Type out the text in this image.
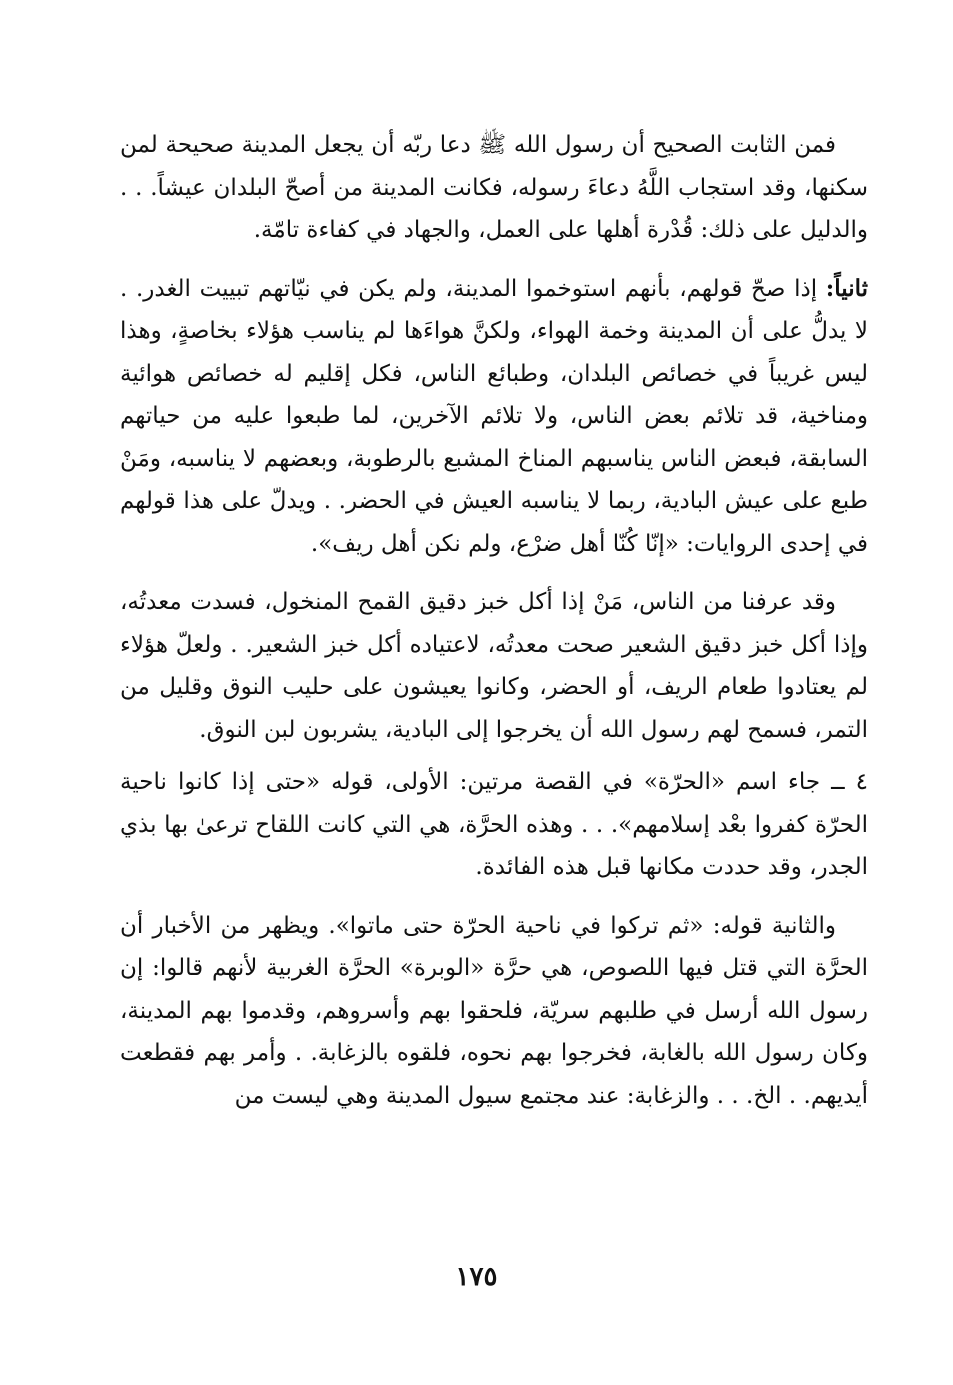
فمن الثابت الصحيح أن رسول الله ﷺ دعا ربّه أن يجعل المدينة صحيحة لمن سكنها، وقد استجاب اللَّهُ دعاءَ رسوله، فكانت المدينة من أصحّ البلدان عيشاً. . . والدليل على ذلك: قُدْرة أهلها على العمل، والجهاد في كفاءة تامّة.

ثانياً: إذا صحّ قولهم، بأنهم استوخموا المدينة، ولم يكن في نيّاتهم تبييت الغدر. . لا يدلُّ على أن المدينة وخمة الهواء، ولكنَّ هواءَها لم يناسب هؤلاء بخاصةٍ، وهذا ليس غريباً في خصائص البلدان، وطبائع الناس، فكل إقليم له خصائص هوائية ومناخية، قد تلائم بعض الناس، ولا تلائم الآخرين، لما طبعوا عليه من حياتهم السابقة، فبعض الناس يناسبهم المناخ المشبع بالرطوبة، وبعضهم لا يناسبه، ومَنْ طبع على عيش البادية، ربما لا يناسبه العيش في الحضر. . ويدلّ على هذا قولهم في إحدى الروايات: «إنّا كُنّا أهل ضرْع، ولم نكن أهل ريف».

وقد عرفنا من الناس، مَنْ إذا أكل خبز دقيق القمح المنخول، فسدت معدتُه، وإذا أكل خبز دقيق الشعير صحت معدتُه، لاعتياده أكل خبز الشعير. . ولعلّ هؤلاء لم يعتادوا طعام الريف، أو الحضر، وكانوا يعيشون على حليب النوق وقليل من التمر، فسمح لهم رسول الله أن يخرجوا إلى البادية، يشربون لبن النوق.

٤ ــ جاء اسم «الحرّة» في القصة مرتين: الأولى، قوله «حتى إذا كانوا ناحية الحرّة كفروا بعْد إسلامهم». . . وهذه الحرَّة، هي التي كانت اللقاح ترعىٰ بها بذي الجدر، وقد حددت مكانها قبل هذه الفائدة.

والثانية قوله: «ثم تركوا في ناحية الحرّة حتى ماتوا». ويظهر من الأخبار أن الحرَّة التي قتل فيها اللصوص، هي حرَّة «الوبرة» الحرَّة الغربية لأنهم قالوا: إن رسول الله أرسل في طلبهم سريّة، فلحقوا بهم وأسروهم، وقدموا بهم المدينة، وكان رسول الله بالغابة، فخرجوا بهم نحوه، فلقوه بالزغابة. . وأمر بهم فقطعت أيديهم. . الخ. . . والزغابة: عند مجتمع سيول المدينة وهي ليست من

١٧٥
